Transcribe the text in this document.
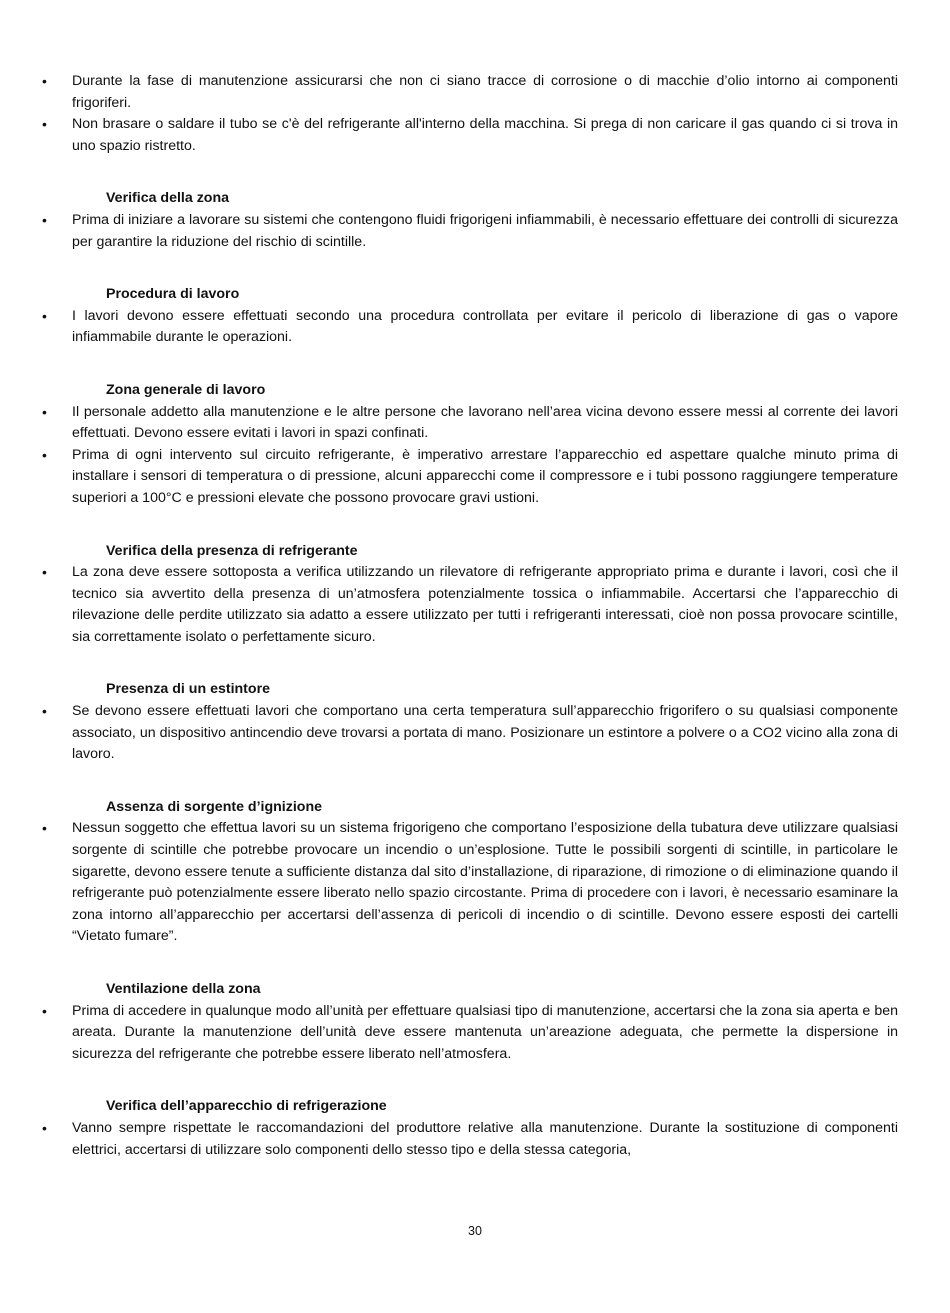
•	Durante la fase di manutenzione assicurarsi che non ci siano tracce di corrosione o di macchie d’olio intorno ai componenti frigoriferi.
•	Non brasare o saldare il tubo se c'è del refrigerante all'interno della macchina. Si prega di non caricare il gas quando ci si trova in uno spazio ristretto.

Verifica della zona

•	Prima di iniziare a lavorare su sistemi che contengono fluidi frigorigeni infiammabili, è necessario effettuare dei controlli di sicurezza per garantire la riduzione del rischio di scintille.

Procedura di lavoro

•	I lavori devono essere effettuati secondo una procedura controllata per evitare il pericolo di liberazione di gas o vapore infiammabile durante le operazioni.

Zona generale di lavoro

•	Il personale addetto alla manutenzione e le altre persone che lavorano nell’area vicina devono essere messi al corrente dei lavori effettuati. Devono essere evitati i lavori in spazi confinati.
•	Prima di ogni intervento sul circuito refrigerante, è imperativo arrestare l’apparecchio ed aspettare qualche minuto prima di installare i sensori di temperatura o di pressione, alcuni apparecchi come il compressore e i tubi possono raggiungere temperature superiori a 100°C e pressioni elevate che possono provocare gravi ustioni.

Verifica della presenza di refrigerante

•	La zona deve essere sottoposta a verifica utilizzando un rilevatore di refrigerante appropriato prima e durante i lavori, così che il tecnico sia avvertito della presenza di un’atmosfera potenzialmente tossica o infiammabile. Accertarsi che l’apparecchio di rilevazione delle perdite utilizzato sia adatto a essere utilizzato per tutti i refrigeranti interessati, cioè non possa provocare scintille, sia correttamente isolato o perfettamente sicuro.

Presenza di un estintore

•	Se devono essere effettuati lavori che comportano una certa temperatura sull’apparecchio frigorifero o su qualsiasi componente associato, un dispositivo antincendio deve trovarsi a portata di mano. Posizionare un estintore a polvere o a CO2 vicino alla zona di lavoro.

Assenza di sorgente d’ignizione

•	Nessun soggetto che effettua lavori su un sistema frigorigeno che comportano l’esposizione della tubatura deve utilizzare qualsiasi sorgente di scintille che potrebbe provocare un incendio o un’esplosione. Tutte le possibili sorgenti di scintille, in particolare le sigarette, devono essere tenute a sufficiente distanza dal sito d’installazione, di riparazione, di rimozione o di eliminazione quando il refrigerante può potenzialmente essere liberato nello spazio circostante. Prima di procedere con i lavori, è necessario esaminare la zona intorno all’apparecchio per accertarsi dell’assenza di pericoli di incendio o di scintille. Devono essere esposti dei cartelli “Vietato fumare”.

Ventilazione della zona

•	Prima di accedere in qualunque modo all’unità per effettuare qualsiasi tipo di manutenzione, accertarsi che la zona sia aperta e ben areata. Durante la manutenzione dell’unità deve essere mantenuta un’areazione adeguata, che permette la dispersione in sicurezza del refrigerante che potrebbe essere liberato nell’atmosfera.

Verifica dell’apparecchio di refrigerazione

•	Vanno sempre rispettate le raccomandazioni del produttore relative alla manutenzione. Durante la sostituzione di componenti elettrici, accertarsi di utilizzare solo componenti dello stesso tipo e della stessa categoria,
30
